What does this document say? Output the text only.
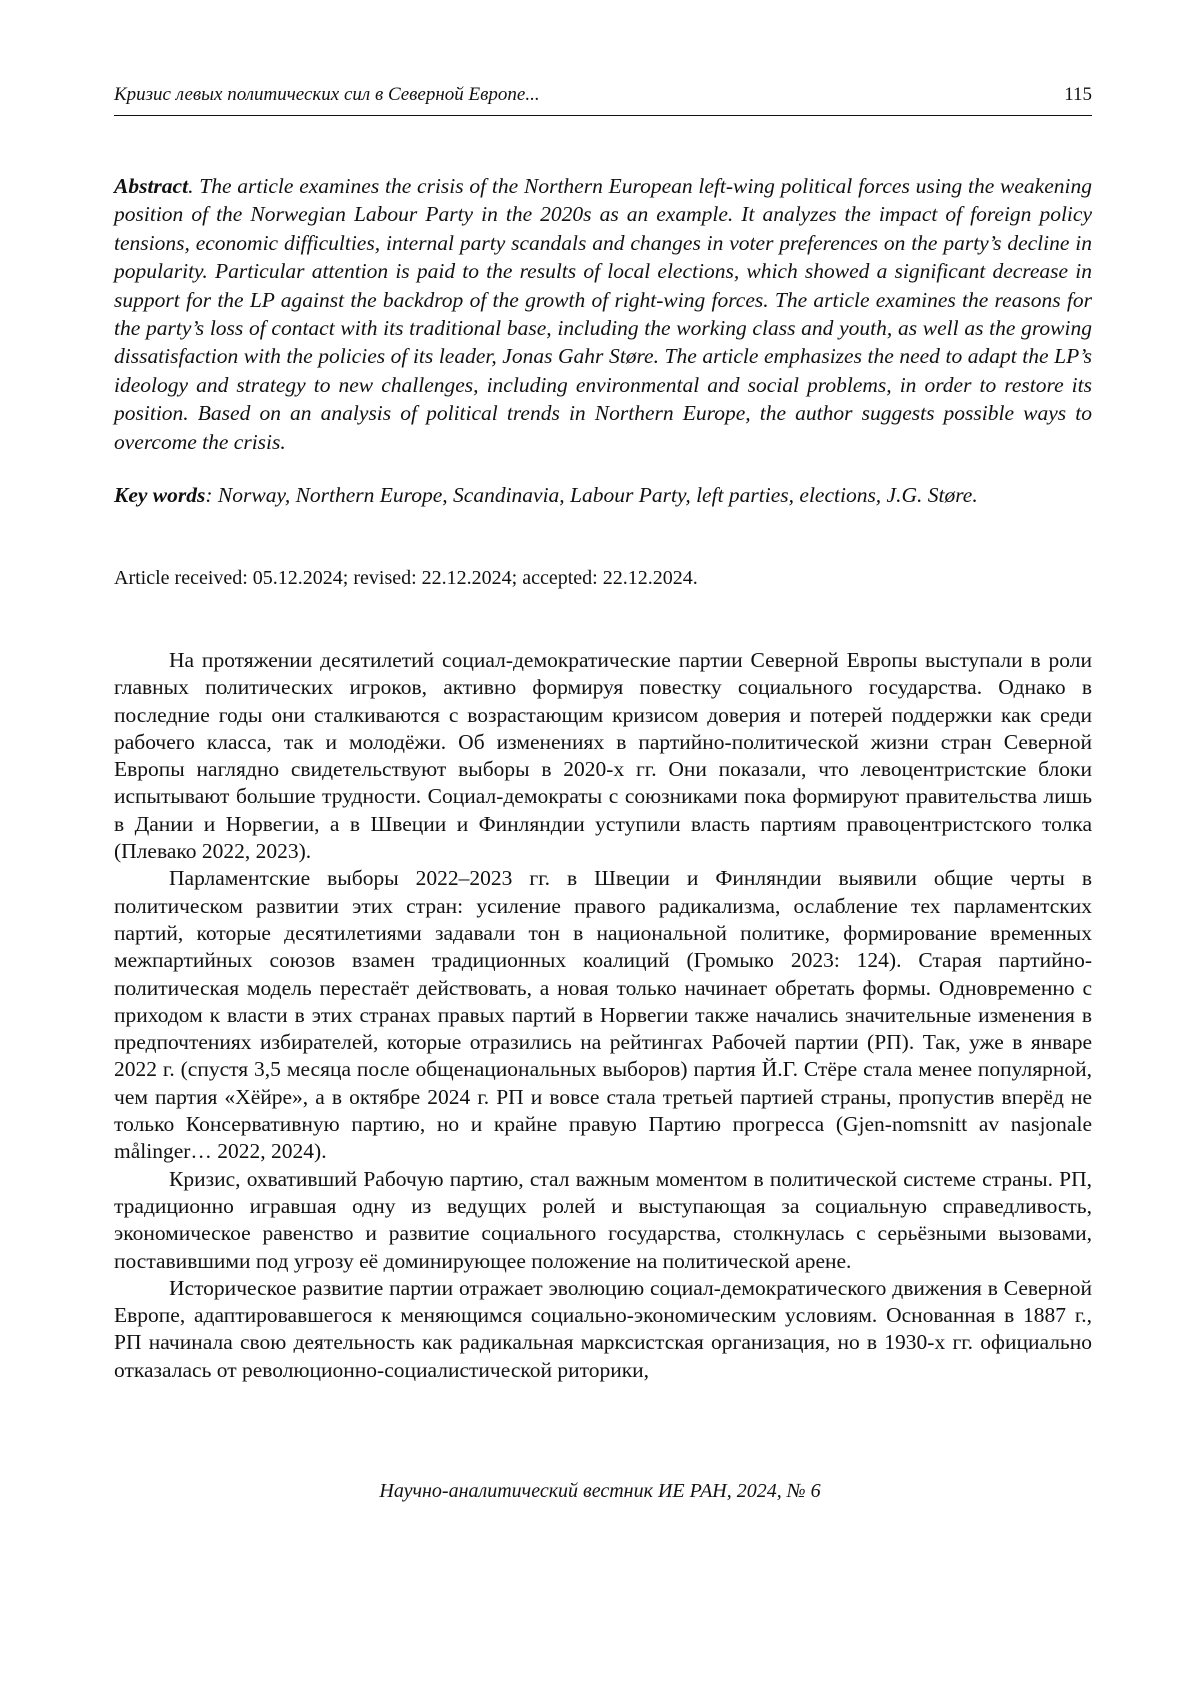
Кризис левых политических сил в Северной Европе...	115
Abstract. The article examines the crisis of the Northern European left-wing political forces using the weakening position of the Norwegian Labour Party in the 2020s as an example. It analyzes the impact of foreign policy tensions, economic difficulties, internal party scandals and changes in voter preferences on the party’s decline in popularity. Particular attention is paid to the results of local elections, which showed a significant decrease in support for the LP against the backdrop of the growth of right-wing forces. The article examines the reasons for the party’s loss of contact with its traditional base, including the working class and youth, as well as the growing dissatisfaction with the policies of its leader, Jonas Gahr Støre. The article emphasizes the need to adapt the LP’s ideology and strategy to new challenges, including environmental and social problems, in order to restore its position. Based on an analysis of political trends in Northern Europe, the author suggests possible ways to overcome the crisis.
Key words: Norway, Northern Europe, Scandinavia, Labour Party, left parties, elections, J.G. Støre.
Article received: 05.12.2024; revised: 22.12.2024; accepted: 22.12.2024.

На протяжении десятилетий социал-демократические партии Северной Европы выступали в роли главных политических игроков, активно формируя повестку социального государства. Однако в последние годы они сталкиваются с возрастающим кризисом доверия и потерей поддержки как среди рабочего класса, так и молодёжи. Об изменениях в партийно-политической жизни стран Северной Европы наглядно свидетельствуют выборы в 2020-х гг. Они показали, что левоцентристские блоки испытывают большие трудности. Социал-демократы с союзниками пока формируют правительства лишь в Дании и Норвегии, а в Швеции и Финляндии уступили власть партиям правоцентристского толка (Плевако 2022, 2023).

Парламентские выборы 2022–2023 гг. в Швеции и Финляндии выявили общие черты в политическом развитии этих стран: усиление правого радикализма, ослабление тех парламентских партий, которые десятилетиями задавали тон в национальной политике, формирование временных межпартийных союзов взамен традиционных коалиций (Громыко 2023: 124). Старая партийно-политическая модель перестаёт действовать, а новая только начинает обретать формы. Одновременно с приходом к власти в этих странах правых партий в Норвегии также начались значительные изменения в предпочтениях избирателей, которые отразились на рейтингах Рабочей партии (РП). Так, уже в январе 2022 г. (спустя 3,5 месяца после общенациональных выборов) партия Й.Г. Стёре стала менее популярной, чем партия «Хёйре», а в октябре 2024 г. РП и вовсе стала третьей партией страны, пропустив вперёд не только Консервативную партию, но и крайне правую Партию прогресса (Gjen-nomsnitt av nasjonale målinger… 2022, 2024).

Кризис, охвативший Рабочую партию, стал важным моментом в политической системе страны. РП, традиционно игравшая одну из ведущих ролей и выступающая за социальную справедливость, экономическое равенство и развитие социального государства, столкнулась с серьёзными вызовами, поставившими под угрозу её доминирующее положение на политической арене.

Историческое развитие партии отражает эволюцию социал-демократического движения в Северной Европе, адаптировавшегося к меняющимся социально-экономическим условиям. Основанная в 1887 г., РП начинала свою деятельность как радикальная марксистская организация, но в 1930-х гг. официально отказалась от революционно-социалистической риторики,

Научно-аналитический вестник ИЕ РАН, 2024, № 6
